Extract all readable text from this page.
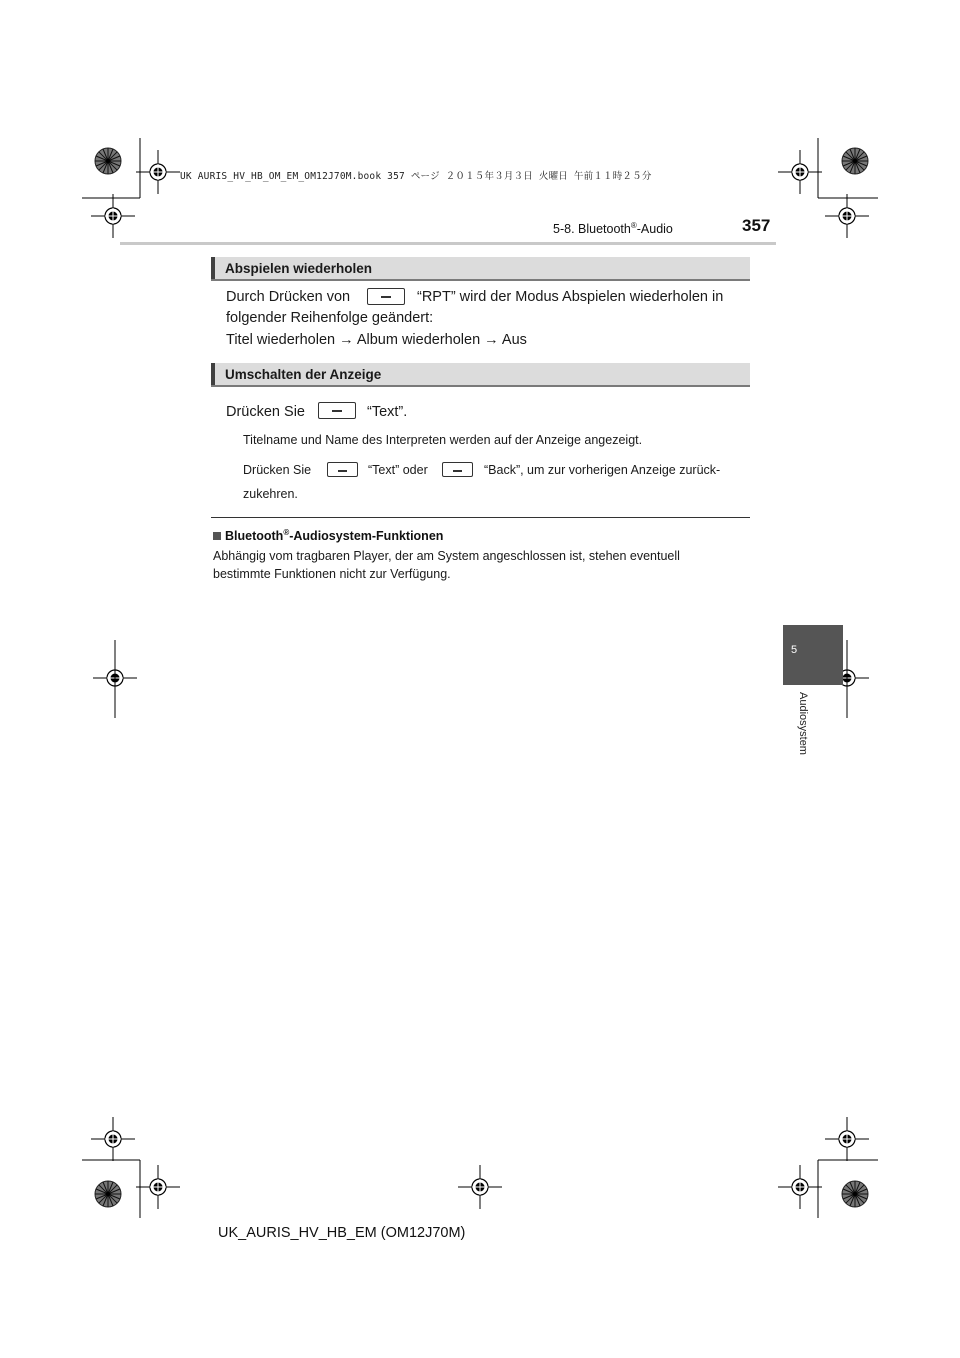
UK AURIS_HV_HB_OM_EM_OM12J70M.book 357 ページ ２０１５年３月３日 火曜日 午前１１時２５分
357
5-8. Bluetooth®-Audio
Abspielen wiederholen
Durch Drücken von	“RPT” wird der Modus Abspielen wiederholen in
folgender Reihenfolge geändert:
Titel wiederholen → Album wiederholen → Aus
Umschalten der Anzeige
Drücken Sie	“Text”.
Titelname und Name des Interpreten werden auf der Anzeige angezeigt.
Drücken Sie	“Text” oder	“Back”, um zur vorherigen Anzeige zurück-
zukehren.
Bluetooth®-Audiosystem-Funktionen
Abhängig vom tragbaren Player, der am System angeschlossen ist, stehen eventuell
bestimmte Funktionen nicht zur Verfügung.
5
Audiosystem
UK_AURIS_HV_HB_EM (OM12J70M)
